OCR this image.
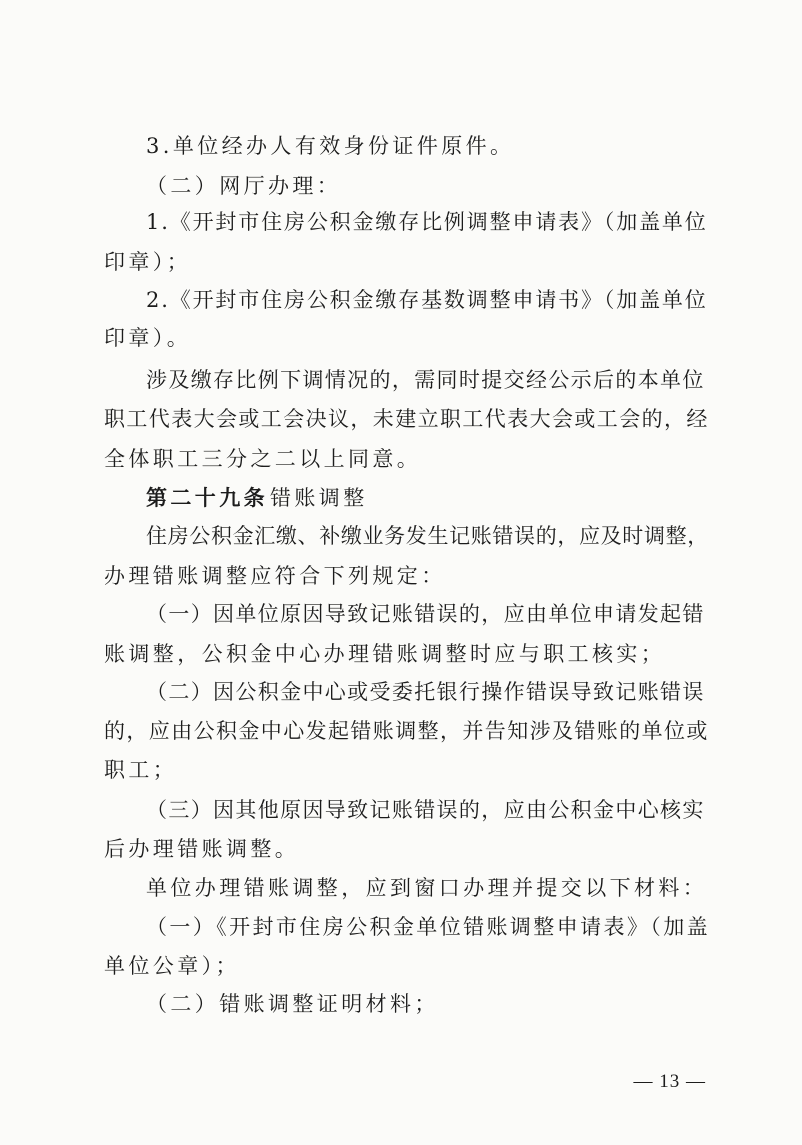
3.单位经办人有效身份证件原件。
（二）网厅办理：
1.《开封市住房公积金缴存比例调整申请表》（加盖单位
印章）；
2.《开封市住房公积金缴存基数调整申请书》（加盖单位
印章）。
涉及缴存比例下调情况的，需同时提交经公示后的本单位
职工代表大会或工会决议，未建立职工代表大会或工会的，经
全体职工三分之二以上同意。
第二十九条 错账调整
住房公积金汇缴、补缴业务发生记账错误的，应及时调整，
办理错账调整应符合下列规定：
（一）因单位原因导致记账错误的，应由单位申请发起错
账调整，公积金中心办理错账调整时应与职工核实；
（二）因公积金中心或受委托银行操作错误导致记账错误
的，应由公积金中心发起错账调整，并告知涉及错账的单位或
职工；
（三）因其他原因导致记账错误的，应由公积金中心核实
后办理错账调整。
单位办理错账调整，应到窗口办理并提交以下材料：
（一）《开封市住房公积金单位错账调整申请表》（加盖
单位公章）；
（二）错账调整证明材料；
— 13 —
